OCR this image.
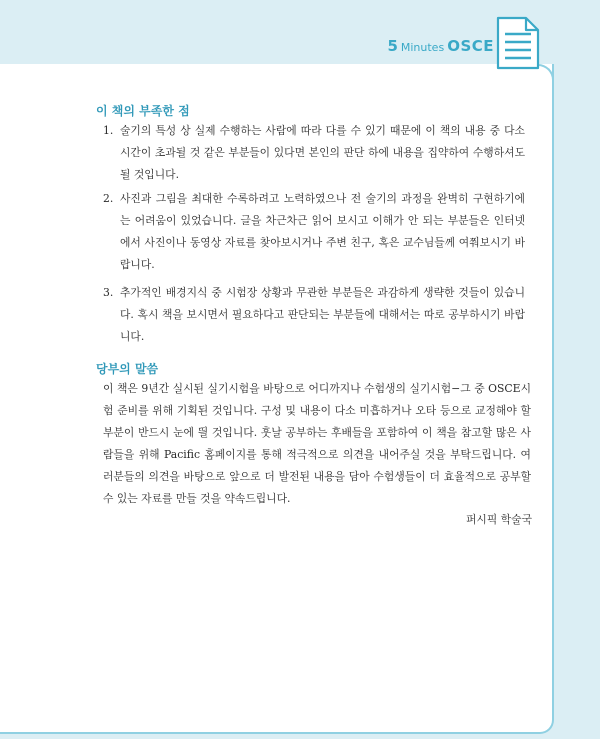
5 Minutes OSCE
이 책의 부족한 점
1. 술기의 특성 상 실제 수행하는 사람에 따라 다를 수 있기 때문에 이 책의 내용 중 다소 시간이 초과될 것 같은 부분들이 있다면 본인의 판단 하에 내용을 집약하여 수행하셔도 될 것입니다.
2. 사진과 그림을 최대한 수록하려고 노력하였으나 전 술기의 과정을 완벽히 구현하기에는 어려움이 있었습니다. 글을 차근차근 읽어 보시고 이해가 안 되는 부분들은 인터넷에서 사진이나 동영상 자료를 찾아보시거나 주변 친구, 혹은 교수님들께 여쭤보시기 바랍니다.
3. 추가적인 배경지식 중 시험장 상황과 무관한 부분들은 과감하게 생략한 것들이 있습니다. 혹시 책을 보시면서 필요하다고 판단되는 부분들에 대해서는 따로 공부하시기 바랍니다.
당부의 말씀
이 책은 9년간 실시된 실기시험을 바탕으로 어디까지나 수험생의 실기시험−그 중 OSCE시험 준비를 위해 기획된 것입니다. 구성 및 내용이 다소 미흡하거나 오타 등으로 교정해야 할 부분이 반드시 눈에 띌 것입니다. 훗날 공부하는 후배들을 포함하여 이 책을 참고할 많은 사람들을 위해 Pacific 홈페이지를 통해 적극적으로 의견을 내어주실 것을 부탁드립니다. 여러분들의 의견을 바탕으로 앞으로 더 발전된 내용을 담아 수험생들이 더 효율적으로 공부할 수 있는 자료를 만들 것을 약속드립니다.
퍼시픽 학술국
